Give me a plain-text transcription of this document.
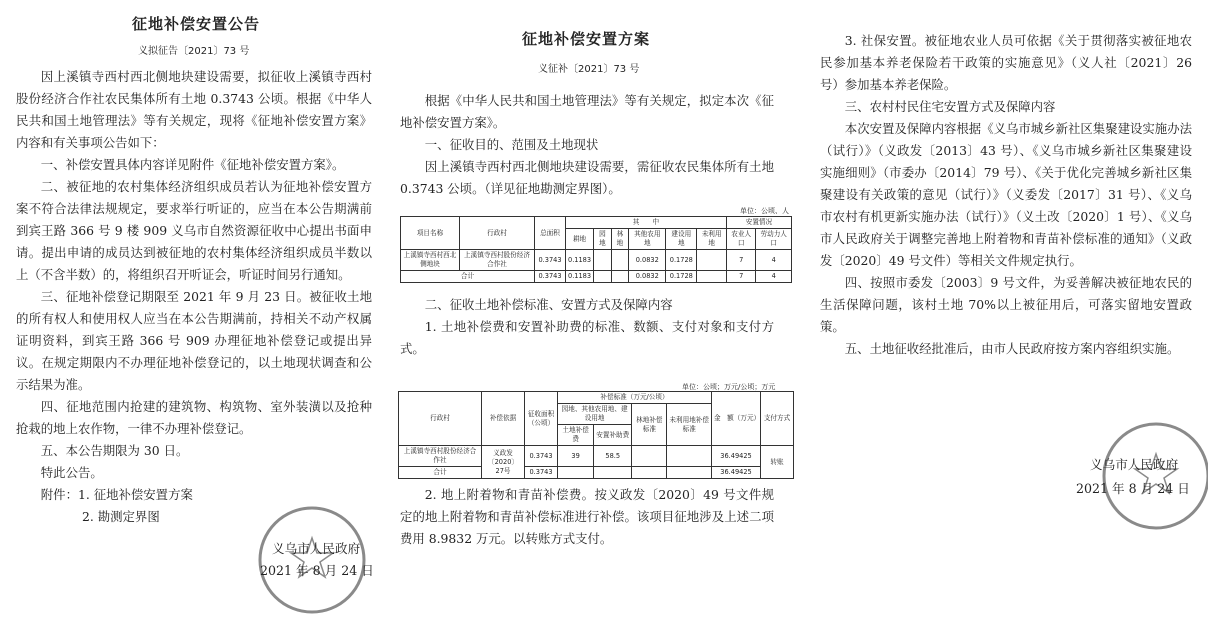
征地补偿安置公告
义拟征告〔2021〕73 号

因上溪镇寺西村西北侧地块建设需要，拟征收上溪镇寺西村股份经济合作社农民集体所有土地 0.3743 公顷。根据《中华人民共和国土地管理法》等有关规定，现将《征地补偿安置方案》内容和有关事项公告如下：

一、补偿安置具体内容详见附件《征地补偿安置方案》。

二、被征地的农村集体经济组织成员若认为征地补偿安置方案不符合法律法规规定，要求举行听证的，应当在本公告期满前到宾王路 366 号 9 楼 909 义乌市自然资源征收中心提出书面申请。提出申请的成员达到被征地的农村集体经济组织成员半数以上（不含半数）的，将组织召开听证会，听证时间另行通知。

三、征地补偿登记期限至 2021 年 9 月 23 日。被征收土地的所有权人和使用权人应当在本公告期满前，持相关不动产权属证明资料，到宾王路 366 号 909 办理征地补偿登记或提出异议。在规定期限内不办理征地补偿登记的，以土地现状调查和公示结果为准。

四、征地范围内抢建的建筑物、构筑物、室外装潢以及抢种抢栽的地上农作物，一律不办理补偿登记。

五、本公告期限为 30 日。

特此公告。

附件：1. 征地补偿安置方案

2. 勘测定界图

义乌市人民政府
2021 年 8 月 24 日
征地补偿安置方案
义征补〔2021〕73 号

根据《中华人民共和国土地管理法》等有关规定，拟定本次《征地补偿安置方案》。

一、征收目的、范围及土地现状

因上溪镇寺西村西北侧地块建设需要，需征收农民集体所有土地 0.3743 公顷。（详见征地勘测定界图）。

单位：公顷、人
项目名称	行政村	总面积	其　　中						安置情况	
			耕地	园地	林地	其他农用地	建设用地	未利用地	农业人口	劳动力人口
上溪镇寺西村西北侧地块	上溪镇寺西村股份经济合作社	0.3743	0.1183			0.0832	0.1728		7	4
合计		0.3743	0.1183			0.0832	0.1728		7	4

二、征收土地补偿标准、安置方式及保障内容

1. 土地补偿费和安置补助费的标准、数额、支付对象和支付方式。

单位：公顷；万元/公顷；万元
行政村	补偿依据	征收面积（公顷）	补偿标准（万元/公顷）				金　额（万元）	支付方式
			园地、其他农用地、建设用地		林地补偿标准	未利用地补偿标准		
			土地补偿费	安置补助费				
上溪镇寺西村股份经济合作社	义政发〔2020〕27号	0.3743	39	58.5			36.49425	转账
合计		0.3743					36.49425	

2. 地上附着物和青苗补偿费。按义政发〔2020〕49 号文件规定的地上附着物和青苗补偿标准进行补偿。该项目征地涉及上述二项费用 8.9832 万元。以转账方式支付。

3. 社保安置。被征地农业人员可依据《关于贯彻落实被征地农民参加基本养老保险若干政策的实施意见》（义人社〔2021〕26 号）参加基本养老保险。

三、农村村民住宅安置方式及保障内容

本次安置及保障内容根据《义乌市城乡新社区集聚建设实施办法（试行）》（义政发〔2013〕43 号）、《义乌市城乡新社区集聚建设实施细则》（市委办〔2014〕79 号）、《关于优化完善城乡新社区集聚建设有关政策的意见（试行）》（义委发〔2017〕31 号）、《义乌市农村有机更新实施办法（试行）》（义土改〔2020〕1 号）、《义乌市人民政府关于调整完善地上附着物和青苗补偿标准的通知》（义政发〔2020〕49 号文件）等相关文件规定执行。

四、按照市委发〔2003〕9 号文件，为妥善解决被征地农民的生活保障问题，该村土地 70%以上被征用后，可落实留地安置政策。

五、土地征收经批准后，由市人民政府按方案内容组织实施。

义乌市人民政府
2021 年 8 月 24 日
